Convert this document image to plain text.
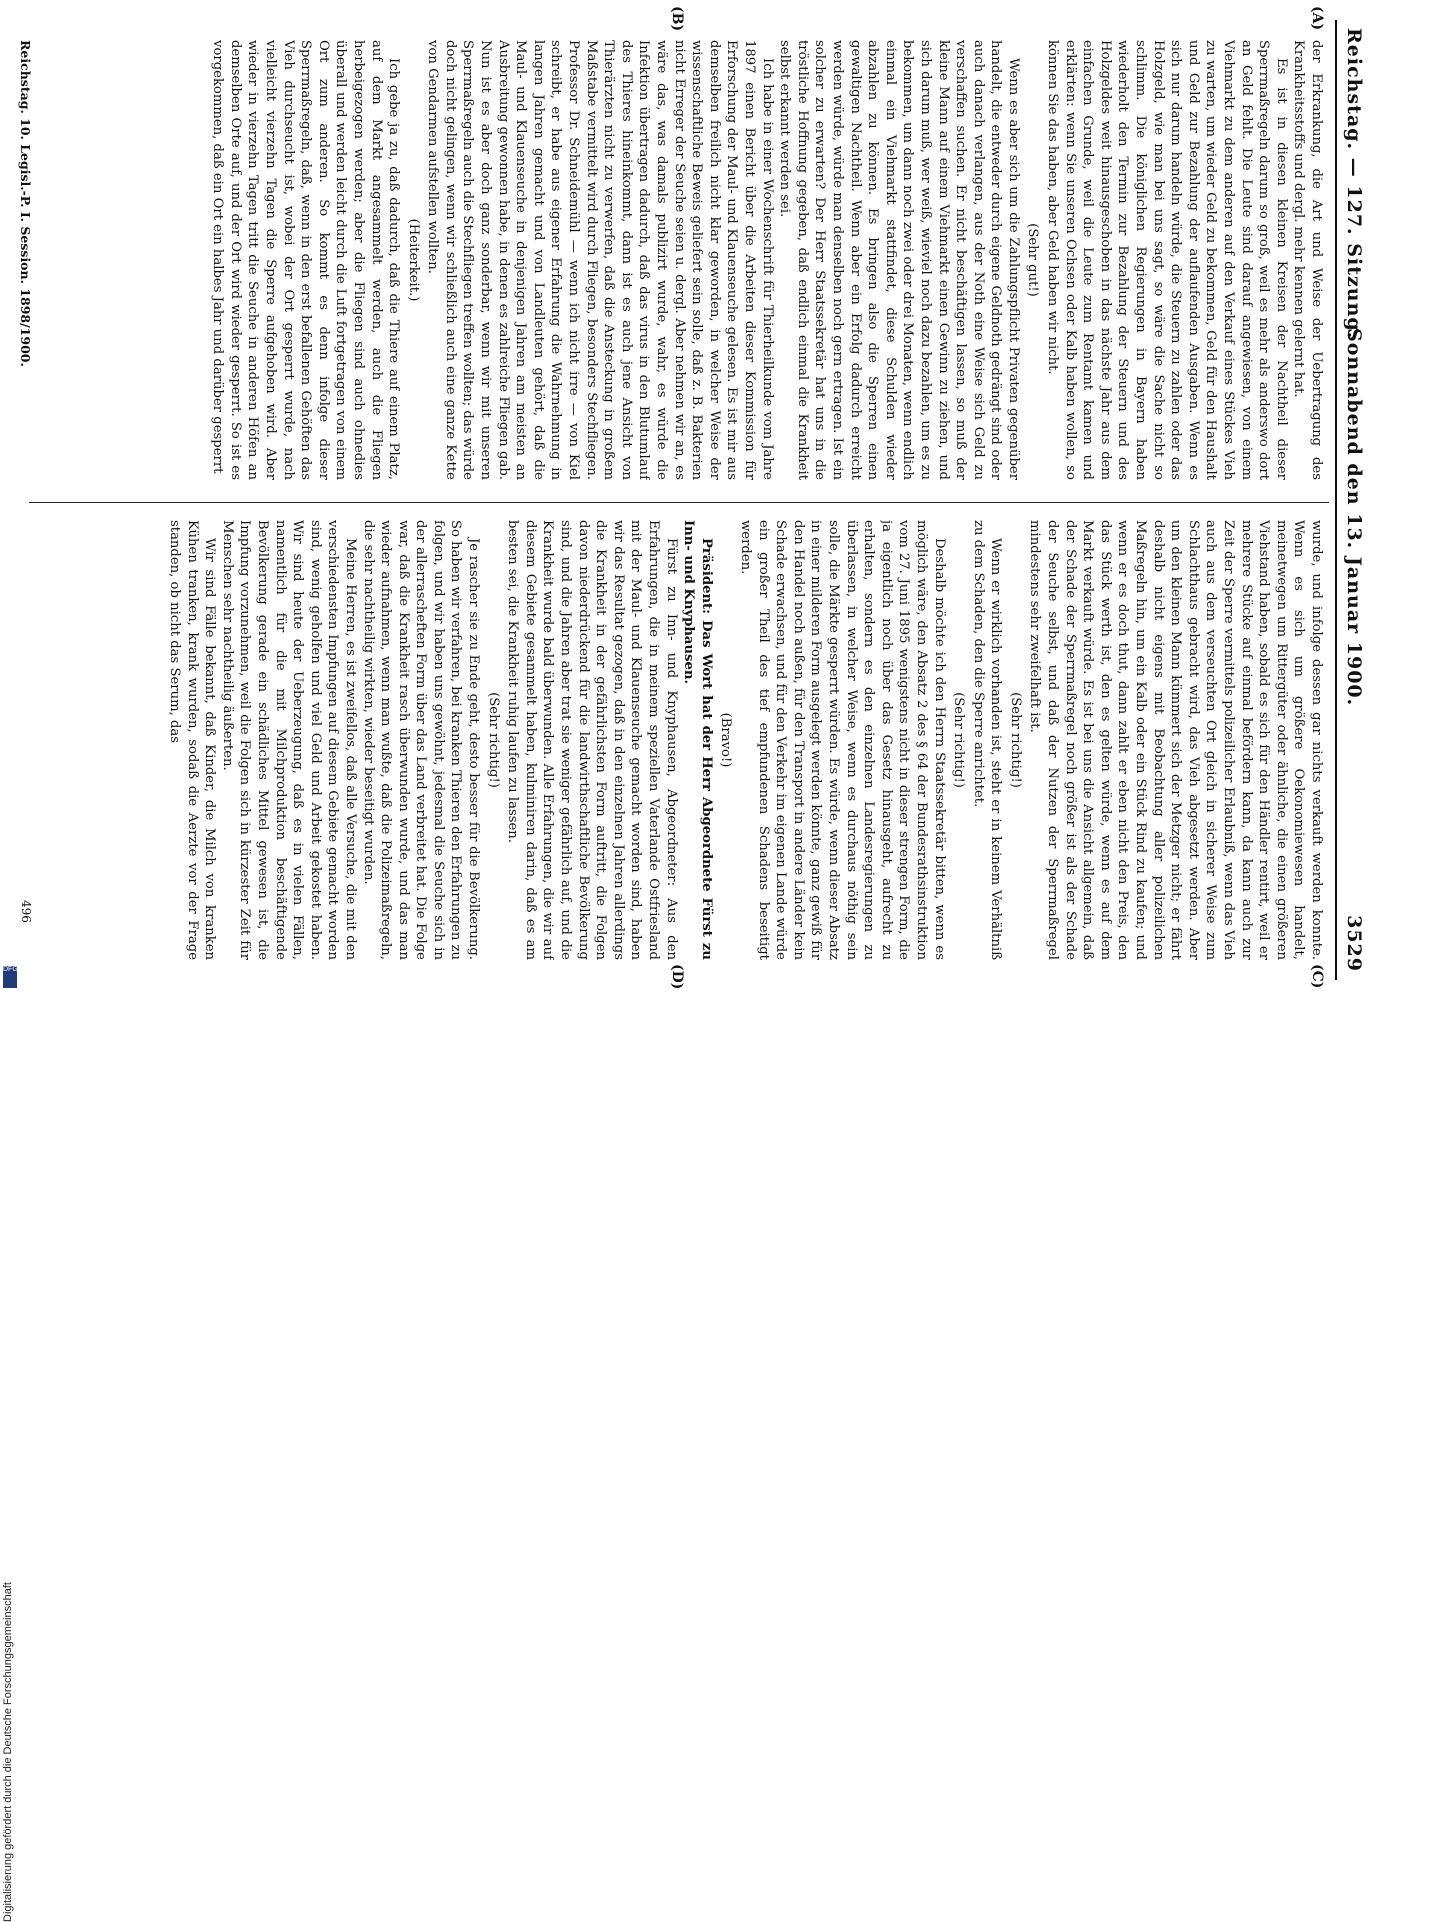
Reichstag. — 127. Sitzung.
Sonnabend den 13. Januar 1900.
3529
(A)
(B)
(C)
(D)

der Erkrankung, die Art und Weise der Uebertragung des Krankheitsstoffs und dergl. mehr kennen gelernt hat.

Es ist in diesen kleinen Kreisen der Nachtheil dieser Sperrmaßregeln darum so groß, weil es mehr als anderswo dort an Geld fehlt. Die Leute sind darauf angewiesen, von einem Viehmarkt zu dem anderen auf den Verkauf eines Stückes Vieh zu warten, um wieder Geld zu bekommen, Geld für den Haushalt und Geld zur Bezahlung der auflaufenden Ausgaben. Wenn es sich nur darum handeln würde, die Steuern zu zahlen oder das Holzgeld, wie man bei uns sagt, so wäre die Sache nicht so schlimm. Die königlichen Regierungen in Bayern haben wiederholt den Termin zur Bezahlung der Steuern und des Holzgeldes weit hinausgeschoben in das nächste Jahr aus dem einfachen Grunde, weil die Leute zum Rentamt kamen und erklärten: wenn Sie unseren Ochsen oder Kalb haben wollen, so können Sie das haben, aber Geld haben wir nicht.

(Sehr gut!)

Wenn es aber sich um die Zahlungspflicht Privaten gegenüber handelt, die entweder durch eigene Geldnoth gedrängt sind oder auch danach verlangen, aus der Noth eine Weise sich Geld zu verschaffen suchen. Er nicht beschäftigen lassen, so muß der kleine Mann auf einem Viehmarkt einen Gewinn zu ziehen, und sich darum muß, wer weiß, wieviel noch dazu bezahlen, um es zu bekommen, um dann noch zwei oder drei Monaten, wenn endlich einmal ein Viehmarkt stattfindet, diese Schulden wieder abzahlen zu können. Es bringen also die Sperren einen gewaltigen Nachtheil. Wenn aber ein Erfolg dadurch erreicht werden würde, würde man denselben noch gern ertragen. Ist ein solcher zu erwarten? Der Herr Staatssekretär hat uns in die tröstliche Hoffnung gegeben, daß endlich einmal die Krankheit selbst erkannt werden sei.

Ich habe in einer Wochenschrift für Thierheilkunde vom Jahre 1897 einen Bericht über die Arbeiten dieser Kommission für Erforschung der Maul- und Klauenseuche gelesen. Es ist mir aus demselben freilich nicht klar geworden, in welcher Weise der wissenschaftliche Beweis geliefert sein solle, daß z. B. Bakterien nicht Erreger der Seuche seien u. dergl. Aber nehmen wir an, es wäre das, was damals publizirt wurde, wahr, es würde die Infektion übertragen dadurch, daß das virus in den Blutumlauf des Thieres hineinkommt, dann ist es auch jene Ansicht von Thierärzten nicht zu verwerfen, daß die Ansteckung in großem Maßstabe vermittelt wird durch Fliegen, besonders Stechfliegen. Professor Dr. Schneidemühl — wenn ich nicht irre — von Kiel schreibt, er habe aus eigener Erfahrung die Wahrnehmung in langen Jahren gemacht und von Landleuten gehört, daß die Maul- und Klauenseuche in denjenigen Jahren am meisten an Ausbreitung gewonnen habe, in denen es zahlreiche Fliegen gab. Nun ist es aber doch ganz sonderbar, wenn wir mit unseren Sperrmaßregeln auch die Stechfliegen treffen wollten; das würde doch nicht gelingen, wenn wir schließlich auch eine ganze Kette von Gendarmen aufstellen wollten.

(Heiterkeit.)

Ich gebe ja zu, daß dadurch, daß die Thiere auf einem Platz, auf dem Markt angesammelt werden, auch die Fliegen herbeigezogen werden; aber die Fliegen sind auch ohnedies überall und werden leicht durch die Luft fortgetragen von einem Ort zum anderen. So kommt es denn infolge dieser Sperrmaßregeln, daß, wenn in den erst befallenen Gehöften das Vieh durchseucht ist, wobei der Ort gesperrt wurde, nach vielleicht vierzehn Tagen die Sperre aufgehoben wird. Aber wieder in vierzehn Tagen tritt die Seuche in anderen Höfen an demselben Orte auf, und der Ort wird wieder gesperrt. So ist es vorgekommen, daß ein Ort ein halbes Jahr und darüber gesperrt

wurde, und infolge dessen gar nichts verkauft werden konnte. Wenn es sich um größere Oekonomiewesen handelt, meinetwegen um Rittergüter oder ähnliche, die einen größeren Viehstand haben, sobald es sich für den Händler rentirt, weil er mehrere Stücke auf einmal befördern kann, da kann auch zur Zeit der Sperre vermittels polizeilicher Erlaubniß, wenn das Vieh auch aus dem verseuchten Ort gleich in sicherer Weise zum Schlachthaus gebracht wird, das Vieh abgesetzt werden. Aber um den kleinen Mann kümmert sich der Metzger nicht; er fährt deshalb nicht eigens mit Beobachtung aller polizeilichen Maßregeln hin, um ein Kalb oder ein Stück Rind zu kaufen; und wenn er es doch thut, dann zahlt er eben nicht den Preis, den das Stück werth ist, den es gelten würde, wenn es auf dem Markt verkauft würde. Es ist bei uns die Ansicht allgemein, daß der Schade der Sperrmaßregel noch größer ist als der Schade der Seuche selbst, und daß der Nutzen der Sperrmaßregel mindestens sehr zweifelhaft ist.

(Sehr richtig!)

Wenn er wirklich vorhanden ist, steht er in keinem Verhältniß zu dem Schaden, den die Sperre anrichtet.

(Sehr richtig!)

Deshalb möchte ich den Herrn Staatssekretär bitten, wenn es möglich wäre, den Absatz 2 des § 64 der Bundesrathsinstruktion vom 27. Juni 1895 wenigstens nicht in dieser strengen Form, die ja eigentlich noch über das Gesetz hinausgeht, aufrecht zu erhalten, sondern es den einzelnen Landesregierungen zu überlassen, in welcher Weise, wenn es durchaus nöthig sein solle, die Märkte gesperrt würden. Es würde, wenn dieser Absatz in einer milderen Form ausgelegt werden könnte, ganz gewiß für den Handel noch außen, für den Transport in andere Länder kein Schade erwachsen, und für den Verkehr im eigenen Lande würde ein großer Theil des tief empfundenen Schadens beseitigt werden.

(Bravo!)

Präsident: Das Wort hat der Herr Abgeordnete Fürst zu Inn- und Knyphausen.

Fürst zu Inn- und Knyphausen, Abgeordneter: Aus den Erfahrungen, die in meinem speziellen Vaterlande Ostfriesland mit der Maul- und Klauenseuche gemacht worden sind, haben wir das Resultat gezogen, daß in den einzelnen Jahren allerdings die Krankheit in der gefährlichsten Form auftritt, die Folgen davon niederdrückend für die landwirthschaftliche Bevölkerung sind, und die Jahren aber trat sie weniger gefährlich auf, und die Krankheit wurde bald überwunden. Alle Erfahrungen, die wir auf diesem Gebiete gesammelt haben, kulminiren darin, daß es am besten sei, die Krankheit ruhig laufen zu lassen.

(Sehr richtig!)

Je rascher sie zu Ende geht, desto besser für die Bevölkerung. So haben wir verfahren, bei kranken Thieren den Erfahrungen zu folgen, und wir haben uns gewöhnt, jedesmal die Seuche sich in der allerrascheften Form über das Land verbreitet hat. Die Folge war, daß die Krankheit rasch überwunden wurde, und das man wieder aufnahmen, wenn man wußte, daß die Polizeimaßregeln, die sehr nachtheilig wirkten, wieder beseitigt wurden.

Meine Herren, es ist zweifellos, daß alle Versuche, die mit den verschiedensten Impfungen auf diesem Gebiete gemacht worden sind, wenig geholfen und viel Geld und Arbeit gekostet haben. Wir sind heute der Ueberzeugung, daß es in vielen Fällen, namentlich für die mit Milchproduktion beschäftigende Bevölkerung gerade ein schädliches Mittel gewesen ist, die Impfung vorzunehmen, weil die Folgen sich in kürzester Zeit für Menschen sehr nachtheilig äußerten.

Wir sind Fälle bekannt, daß Kinder, die Milch von kranken Kühen tranken, krank wurden, sodaß die Aerzte vor der Frage standen, ob nicht das Serum, das

Reichstag. 10. Legisl.-P. I. Session. 1898/1900.
496
Digitalisierung gefördert durch die Deutsche Forschungsgemeinschaft
DFG
